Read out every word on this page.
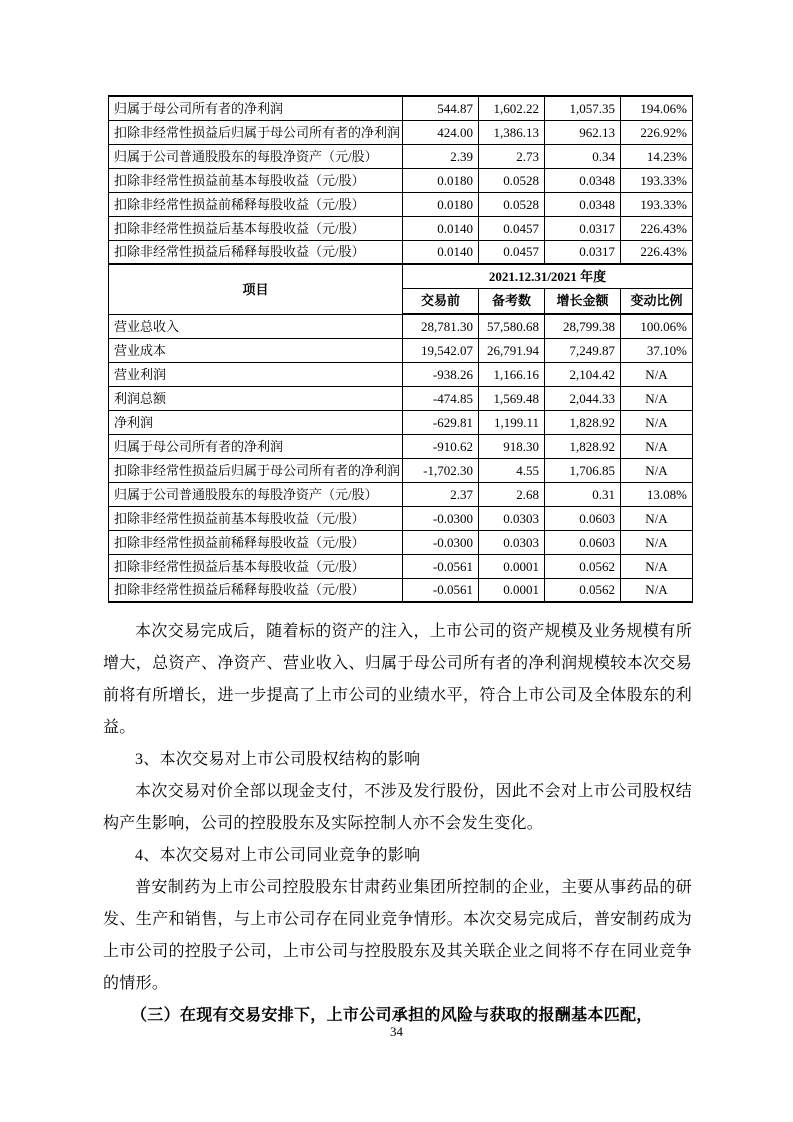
归属于母公司所有者的净利润	544.87	1,602.22	1,057.35	194.06%
扣除非经常性损益后归属于母公司所有者的净利润	424.00	1,386.13	962.13	226.92%
归属于公司普通股股东的每股净资产（元/股）	2.39	2.73	0.34	14.23%
扣除非经常性损益前基本每股收益（元/股）	0.0180	0.0528	0.0348	193.33%
扣除非经常性损益前稀释每股收益（元/股）	0.0180	0.0528	0.0348	193.33%
扣除非经常性损益后基本每股收益（元/股）	0.0140	0.0457	0.0317	226.43%
扣除非经常性损益后稀释每股收益（元/股）	0.0140	0.0457	0.0317	226.43%
项目	2021.12.31/2021 年度			
	交易前	备考数	增长金额	变动比例
营业总收入	28,781.30	57,580.68	28,799.38	100.06%
营业成本	19,542.07	26,791.94	7,249.87	37.10%
营业利润	-938.26	1,166.16	2,104.42	N/A
利润总额	-474.85	1,569.48	2,044.33	N/A
净利润	-629.81	1,199.11	1,828.92	N/A
归属于母公司所有者的净利润	-910.62	918.30	1,828.92	N/A
扣除非经常性损益后归属于母公司所有者的净利润	-1,702.30	4.55	1,706.85	N/A
归属于公司普通股股东的每股净资产（元/股）	2.37	2.68	0.31	13.08%
扣除非经常性损益前基本每股收益（元/股）	-0.0300	0.0303	0.0603	N/A
扣除非经常性损益前稀释每股收益（元/股）	-0.0300	0.0303	0.0603	N/A
扣除非经常性损益后基本每股收益（元/股）	-0.0561	0.0001	0.0562	N/A
扣除非经常性损益后稀释每股收益（元/股）	-0.0561	0.0001	0.0562	N/A

本次交易完成后，随着标的资产的注入，上市公司的资产规模及业务规模有所增大，总资产、净资产、营业收入、归属于母公司所有者的净利润规模较本次交易前将有所增长，进一步提高了上市公司的业绩水平，符合上市公司及全体股东的利益。

3、本次交易对上市公司股权结构的影响

本次交易对价全部以现金支付，不涉及发行股份，因此不会对上市公司股权结构产生影响，公司的控股股东及实际控制人亦不会发生变化。

4、本次交易对上市公司同业竞争的影响

普安制药为上市公司控股股东甘肃药业集团所控制的企业，主要从事药品的研发、生产和销售，与上市公司存在同业竞争情形。本次交易完成后，普安制药成为上市公司的控股子公司，上市公司与控股股东及其关联企业之间将不存在同业竞争的情形。

（三）在现有交易安排下，上市公司承担的风险与获取的报酬基本匹配，
34
